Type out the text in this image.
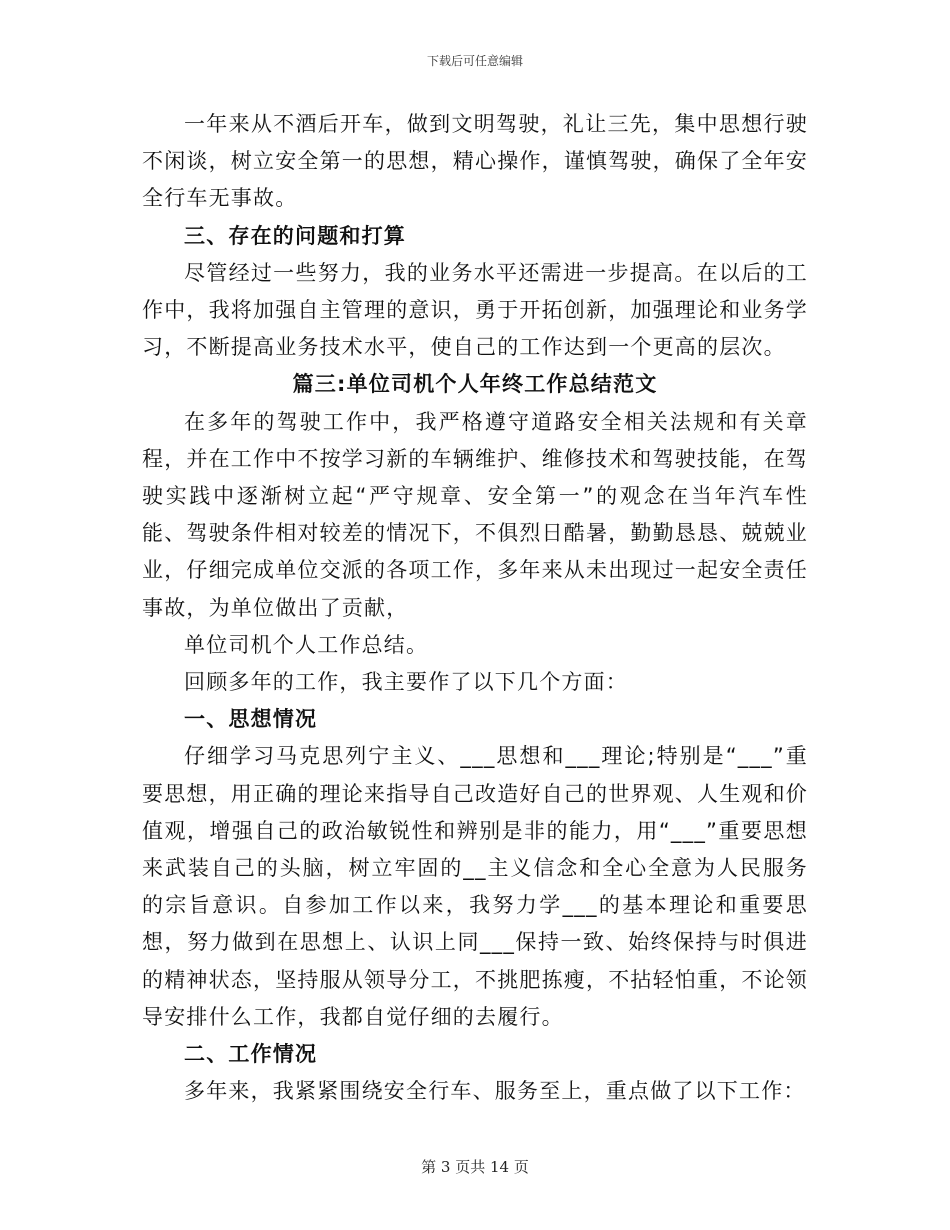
下载后可任意编辑

一年来从不酒后开车，做到文明驾驶，礼让三先，集中思想行驶不闲谈，树立安全第一的思想，精心操作，谨慎驾驶，确保了全年安全行车无事故。

三、存在的问题和打算

尽管经过一些努力，我的业务水平还需进一步提高。在以后的工作中，我将加强自主管理的意识，勇于开拓创新，加强理论和业务学习，不断提高业务技术水平，使自己的工作达到一个更高的层次。

篇三:单位司机个人年终工作总结范文

在多年的驾驶工作中，我严格遵守道路安全相关法规和有关章程，并在工作中不按学习新的车辆维护、维修技术和驾驶技能，在驾驶实践中逐渐树立起“严守规章、安全第一”的观念在当年汽车性能、驾驶条件相对较差的情况下，不俱烈日酷暑，勤勤恳恳、兢兢业业，仔细完成单位交派的各项工作，多年来从未出现过一起安全责任事故，为单位做出了贡献，

单位司机个人工作总结。

回顾多年的工作，我主要作了以下几个方面：

一、思想情况

仔细学习马克思列宁主义、___思想和___理论;特别是“___”重要思想，用正确的理论来指导自己改造好自己的世界观、人生观和价值观，增强自己的政治敏锐性和辨别是非的能力，用“___”重要思想来武装自己的头脑，树立牢固的__主义信念和全心全意为人民服务的宗旨意识。自参加工作以来，我努力学___的基本理论和重要思想，努力做到在思想上、认识上同___保持一致、始终保持与时俱进的精神状态，坚持服从领导分工，不挑肥拣瘦，不拈轻怕重，不论领导安排什么工作，我都自觉仔细的去履行。

二、工作情况

多年来，我紧紧围绕安全行车、服务至上，重点做了以下工作：

第 3 页共 14 页
